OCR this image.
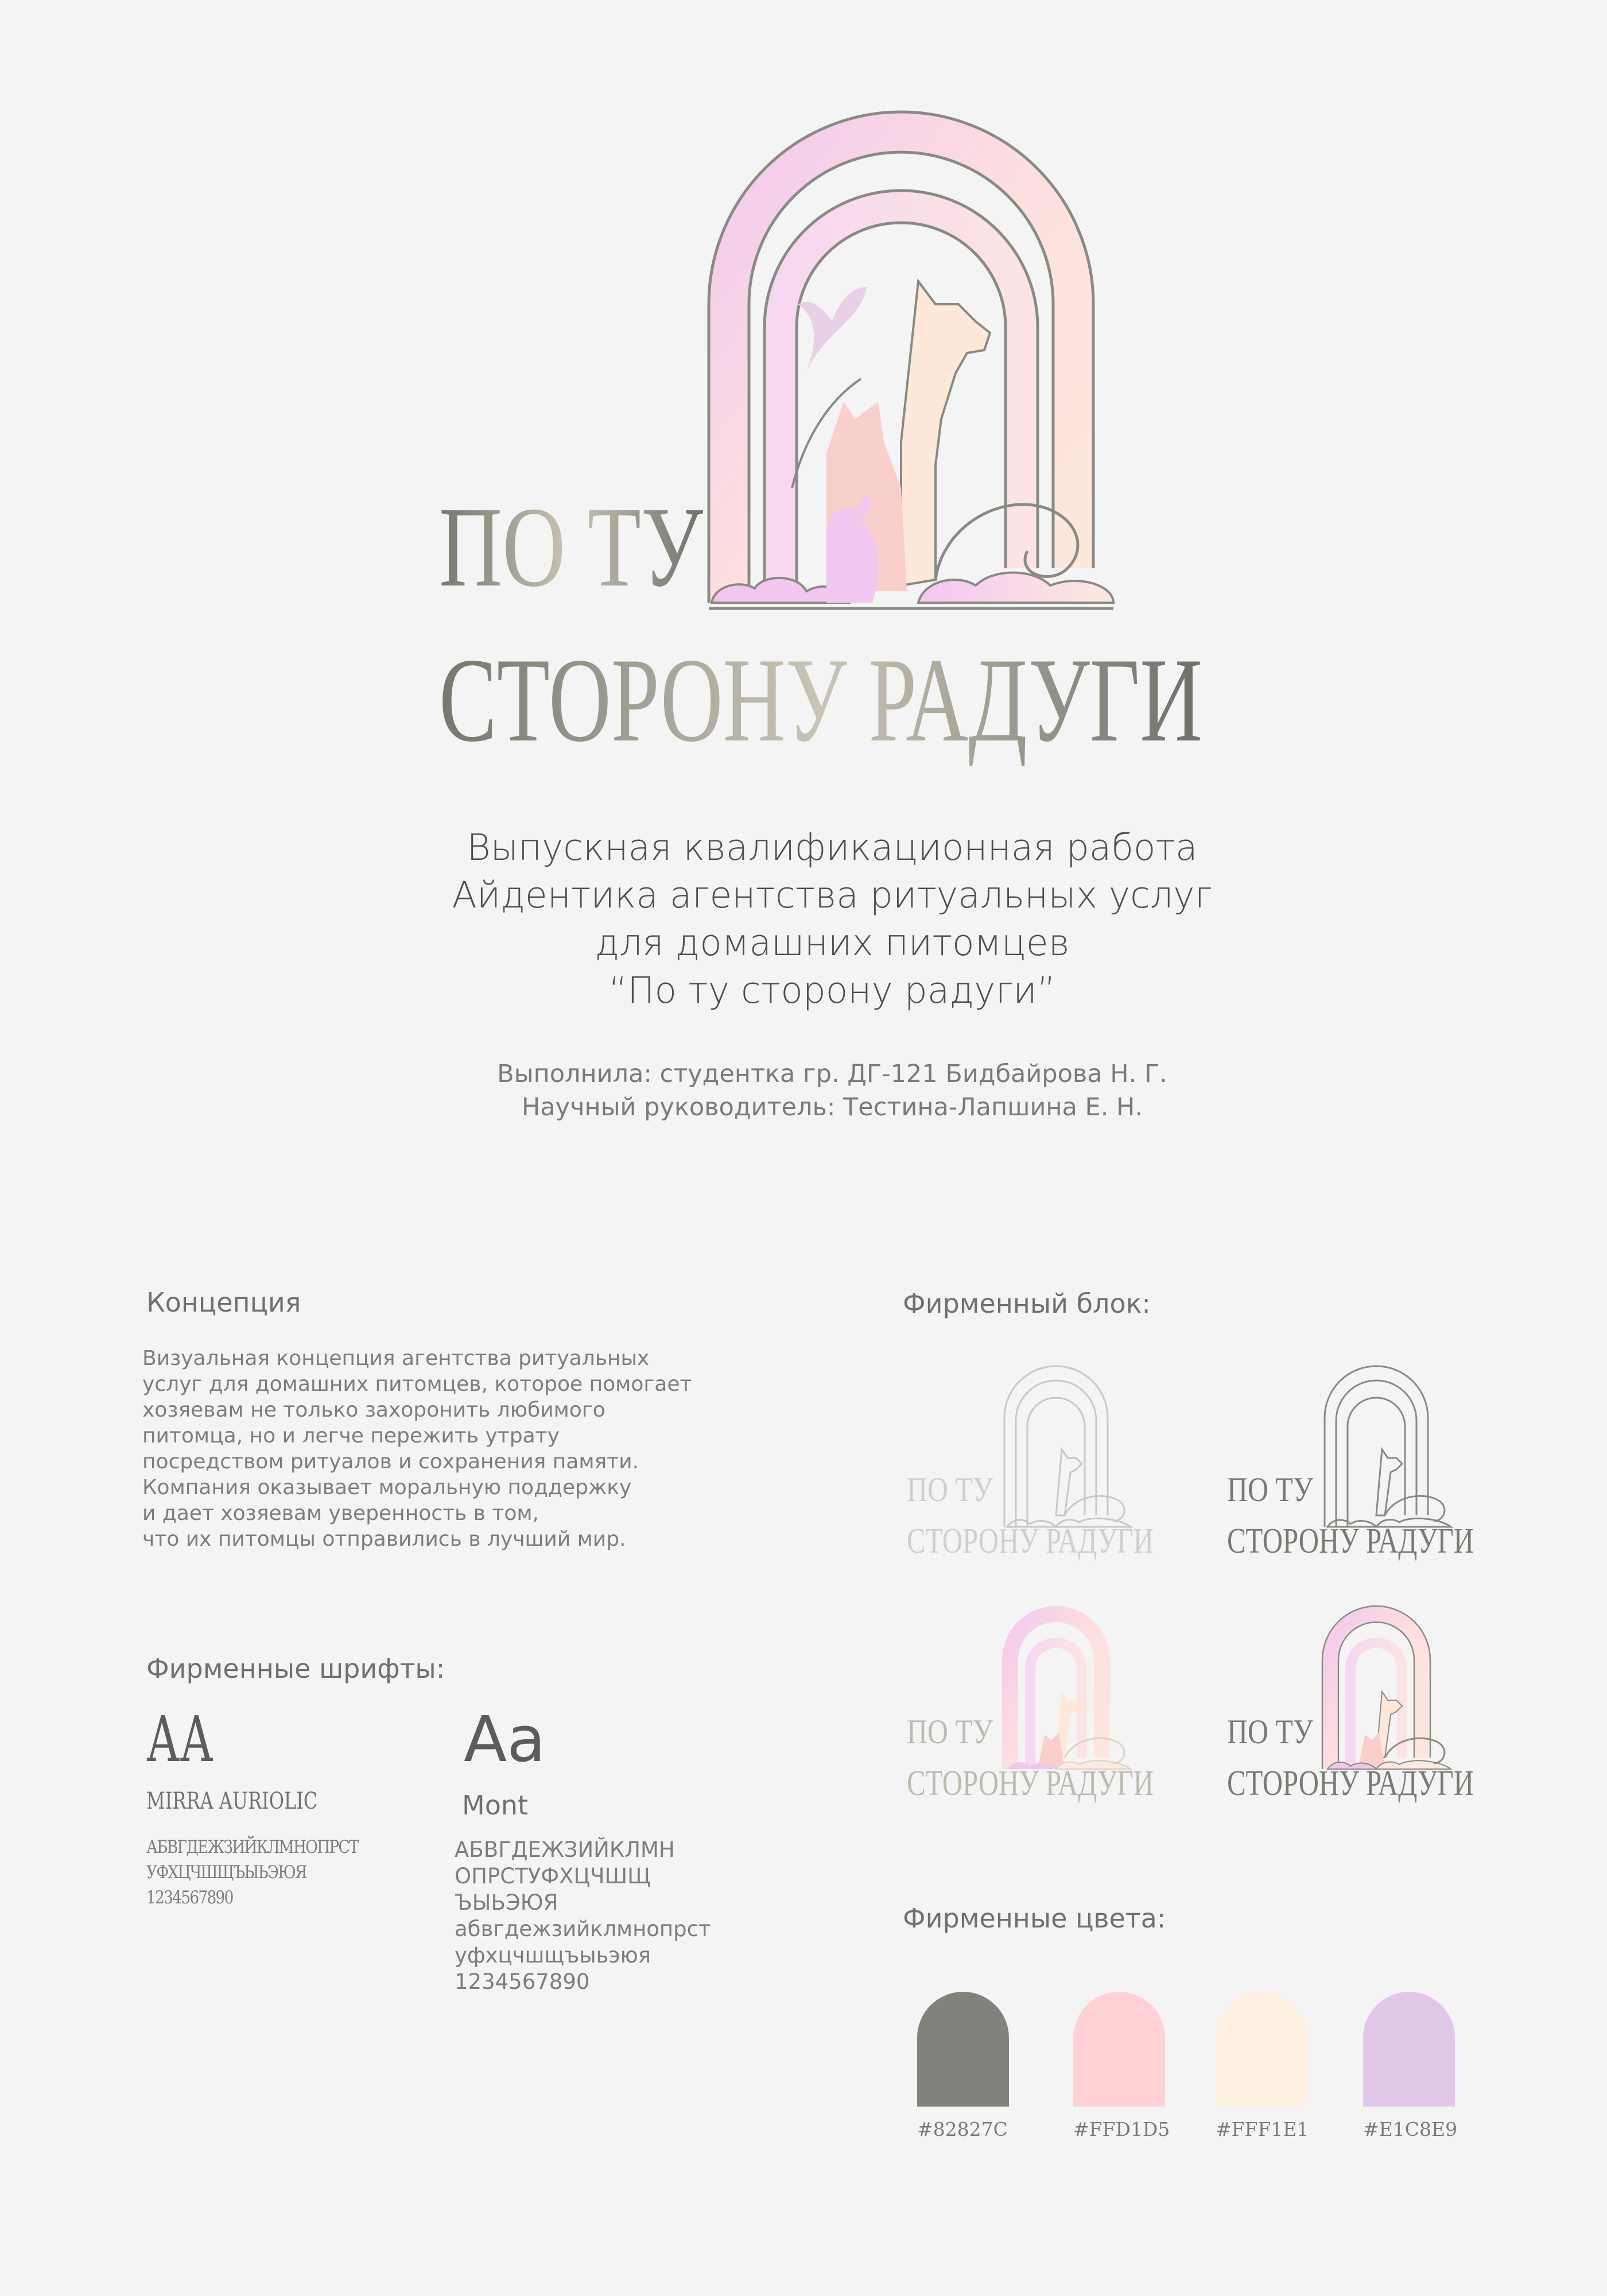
ПО ТУ
СТОРОНУ РАДУГИ
Выпускная квалификационная работа
Айдентика агентства ритуальных услуг
для домашних питомцев
“По ту сторону радуги”
Выполнила: студентка гр. ДГ-121 Бидбайрова Н. Г.
Научный руководитель: Тестина-Лапшина Е. Н.
Концепция
Визуальная концепция агентства ритуальных
услуг для домашних питомцев, которое помогает
хозяевам не только захоронить любимого
питомца, но и легче пережить утрату
посредством ритуалов и сохранения памяти.
Компания оказывает моральную поддержку
и дает хозяевам уверенность в том,
что их питомцы отправились в лучший мир.
Фирменные шрифты:
АА
MIRRA AURIOLIC
АБВГДЕЖЗИЙКЛМНОПРСТ
УФХЦЧШЩЪЫЬЭЮЯ
1234567890
Aa
Mont
АБВГДЕЖЗИЙКЛМН
ОПРСТУФХЦЧШЩ
ЪЫЬЭЮЯ
абвгдежзийклмнопрст
уфхцчшщъыьэюя
1234567890
Фирменный блок:
ПО ТУ
СТОРОНУ РАДУГИ
ПО ТУ
СТОРОНУ РАДУГИ
ПО ТУ
СТОРОНУ РАДУГИ
ПО ТУ
СТОРОНУ РАДУГИ
Фирменные цвета:
#82827C	#FFD1D5 #FFF1E1	#E1C8E9
